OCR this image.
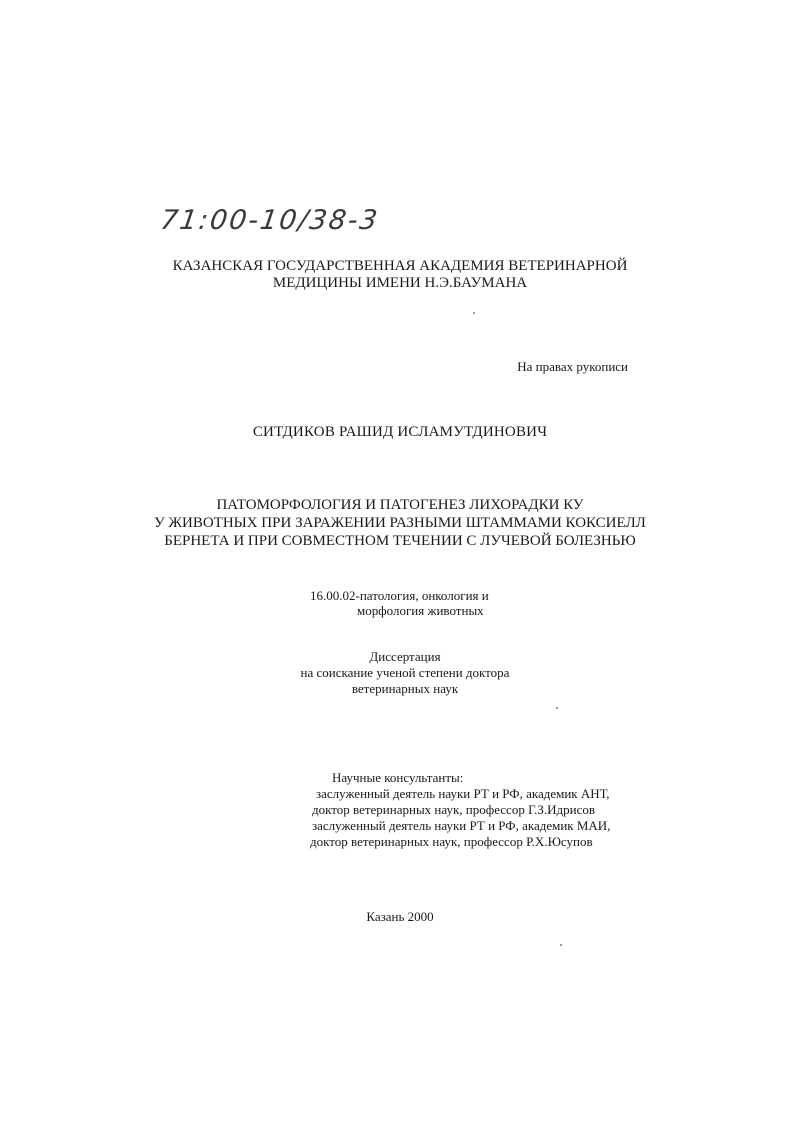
71:00-10/38-3
КАЗАНСКАЯ ГОСУДАРСТВЕННАЯ АКАДЕМИЯ ВЕТЕРИНАРНОЙ
МЕДИЦИНЫ ИМЕНИ Н.Э.БАУМАНА
На правах рукописи
СИТДИКОВ РАШИД ИСЛАМУТДИНОВИЧ
ПАТОМОРФОЛОГИЯ И ПАТОГЕНЕЗ ЛИХОРАДКИ КУ
У ЖИВОТНЫХ ПРИ ЗАРАЖЕНИИ РАЗНЫМИ ШТАММАМИ КОКСИЕЛЛ
БЕРНЕТА И ПРИ СОВМЕСТНОМ ТЕЧЕНИИ С ЛУЧЕВОЙ БОЛЕЗНЬЮ
16.00.02-патология, онкология и
морфология животных
Диссертация
на соискание ученой степени доктора
ветеринарных наук
Научные консультанты:
заслуженный деятель науки РТ и РФ, академик АНТ,
доктор ветеринарных наук, профессор Г.З.Идрисов
заслуженный деятель науки РТ и РФ, академик МАИ,
доктор ветеринарных наук, профессор Р.Х.Юсупов
Казань 2000
